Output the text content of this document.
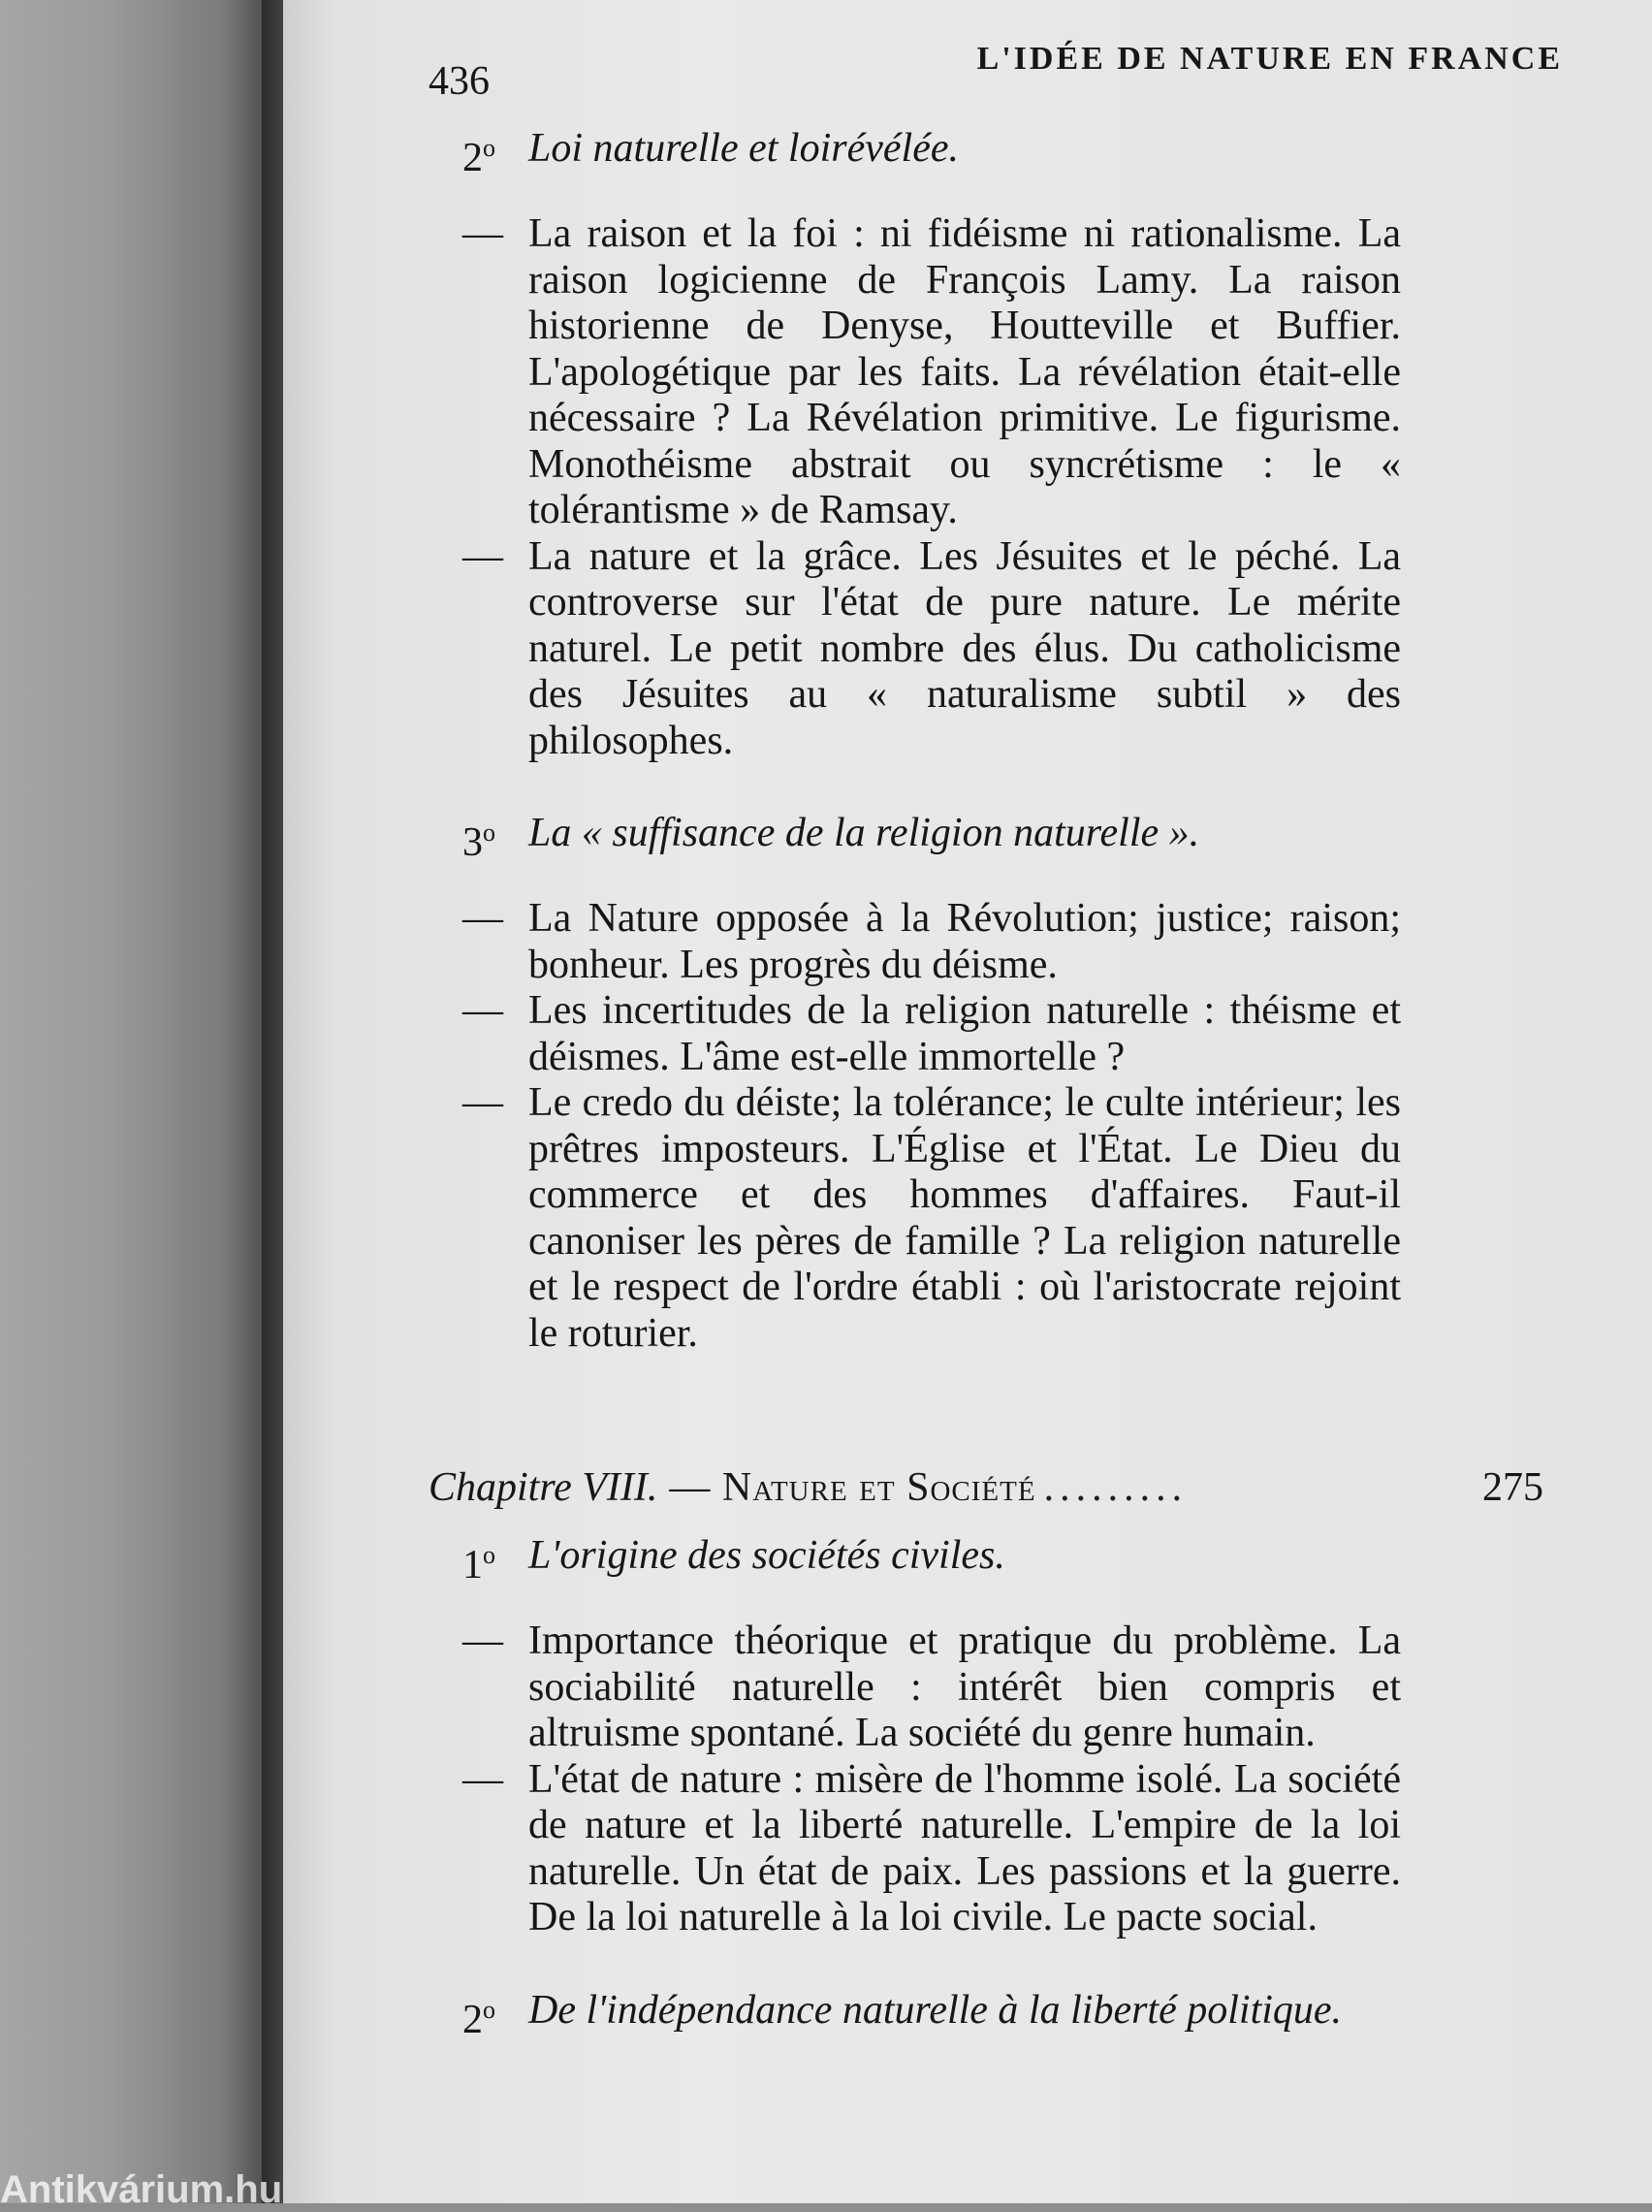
436
L'IDÉE DE NATURE EN FRANCE
2$^o$ Loi naturelle et loirévélée.
— La raison et la foi : ni fidéisme ni rationalisme. La raison logicienne de François Lamy. La raison historienne de Denyse, Houtteville et Buffier. L'apologétique par les faits. La révélation était-elle nécessaire ? La Révélation primitive. Le figurisme. Monothéisme abstrait ou syncrétisme : le « tolérantisme » de Ramsay.
— La nature et la grâce. Les Jésuites et le péché. La controverse sur l'état de pure nature. Le mérite naturel. Le petit nombre des élus. Du catholicisme des Jésuites au « naturalisme subtil » des philosophes.
3$^o$ La « suffisance de la religion naturelle ».
— La Nature opposée à la Révolution; justice; raison; bonheur. Les progrès du déisme.
— Les incertitudes de la religion naturelle : théisme et déismes. L'âme est-elle immortelle ?
— Le credo du déiste; la tolérance; le culte intérieur; les prêtres imposteurs. L'Église et l'État. Le Dieu du commerce et des hommes d'affaires. Faut-il canoniser les pères de famille ? La religion naturelle et le respect de l'ordre établi : où l'aristocrate rejoint le roturier.
Chapitre VIII. — Nature et Société .........	275
1$^o$ L'origine des sociétés civiles.
— Importance théorique et pratique du problème. La sociabilité naturelle : intérêt bien compris et altruisme spontané. La société du genre humain.
— L'état de nature : misère de l'homme isolé. La société de nature et la liberté naturelle. L'empire de la loi naturelle. Un état de paix. Les passions et la guerre. De la loi naturelle à la loi civile. Le pacte social.
2$^o$ De l'indépendance naturelle à la liberté politique.
Antikvárium.hu
